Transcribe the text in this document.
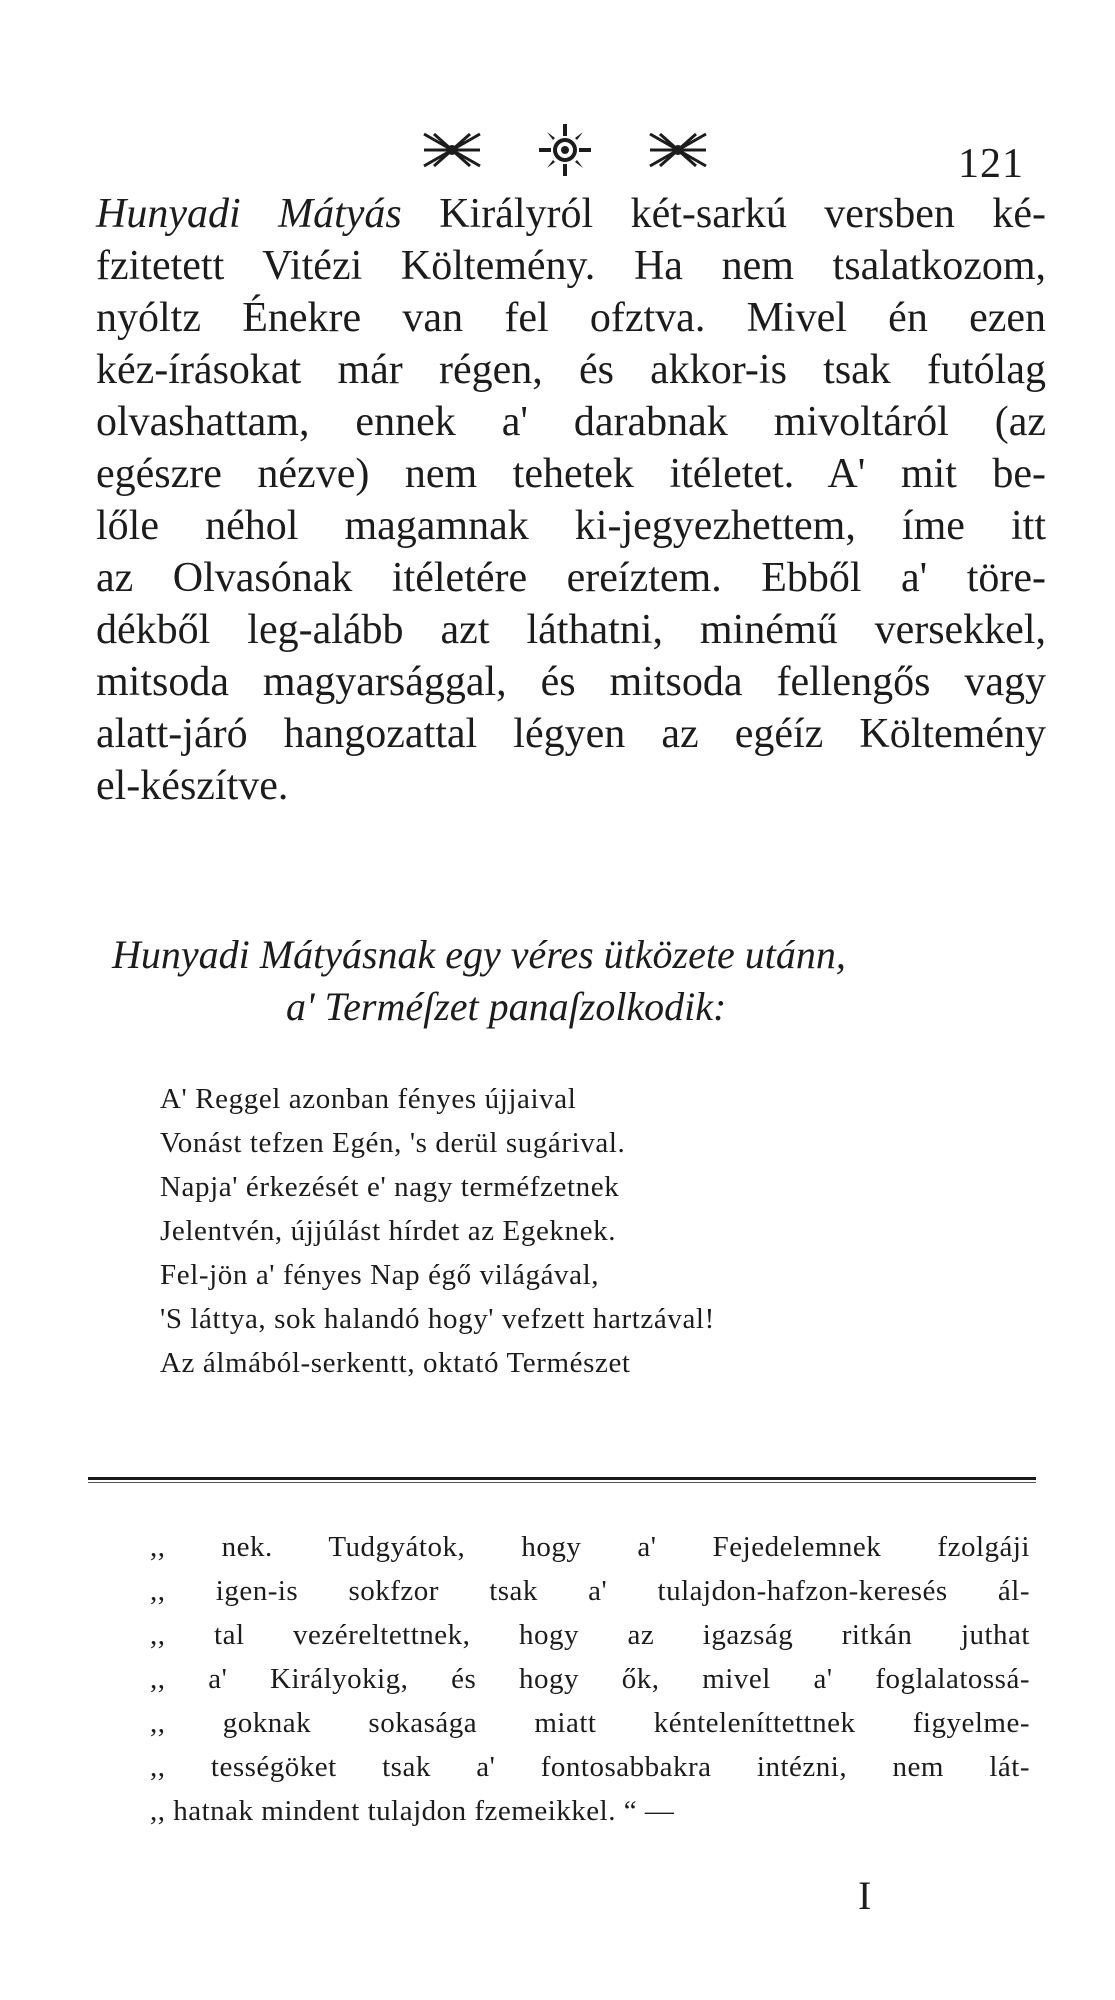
121
Hunyadi Mátyás Királyról két-sarkú versben ké-
fzitetett Vitézi Költemény. Ha nem tsalatkozom,
nyóltz Énekre van fel ofztva. Mivel én ezen
kéz-írásokat már régen, és akkor-is tsak futólag
olvashattam, ennek a' darabnak mivoltáról (az
egészre nézve) nem tehetek itéletet. A' mit be-
lőle néhol magamnak ki-jegyezhettem, íme itt
az Olvasónak itéletére ereíztem. Ebből a' töre-
dékből leg-alább azt láthatni, minémű versekkel,
mitsoda magyarsággal, és mitsoda fellengős vagy
alatt-járó hangozattal légyen az egéíz Költemény
el-készítve.
Hunyadi Mátyásnak egy véres ütközete utánn,
a' Terméſzet panaſzolkodik:
A' Reggel azonban fényes újjaival
Vonást tefzen Egén, 's derül sugárival.
Napja' érkezését e' nagy terméfzetnek
Jelentvén, újjúlást hírdet az Egeknek.
Fel-jön a' fényes Nap égő világával,
'S láttya, sok halandó hogy' vefzett hartzával!
Az álmából-serkentt, oktató Természet
,, nek. Tudgyátok, hogy a' Fejedelemnek fzolgáji
,, igen-is sokfzor tsak a' tulajdon-hafzon-keresés ál-
,, tal vezéreltettnek, hogy az igazság ritkán juthat
,, a' Királyokig, és hogy ők, mivel a' foglalatossá-
,, goknak sokasága miatt kénteleníttettnek figyelme-
,, tességöket tsak a' fontosabbakra intézni, nem lát-
,, hatnak mindent tulajdon fzemeikkel. “ —
I
